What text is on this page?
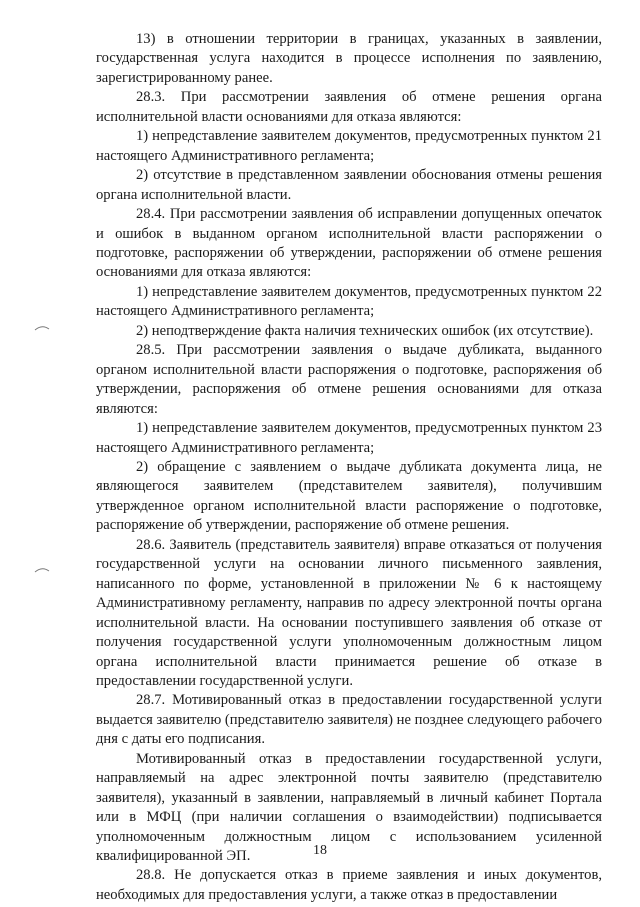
13) в отношении территории в границах, указанных в заявлении, государственная услуга находится в процессе исполнения по заявлению, зарегистрированному ранее.

28.3. При рассмотрении заявления об отмене решения органа исполнительной власти основаниями для отказа являются:

1) непредставление заявителем документов, предусмотренных пунктом 21 настоящего Административного регламента;

2) отсутствие в представленном заявлении обоснования отмены решения органа исполнительной власти.

28.4. При рассмотрении заявления об исправлении допущенных опечаток и ошибок в выданном органом исполнительной власти распоряжении о подготовке, распоряжении об утверждении, распоряжении об отмене решения основаниями для отказа являются:

1) непредставление заявителем документов, предусмотренных пунктом 22 настоящего Административного регламента;

2) неподтверждение факта наличия технических ошибок (их отсутствие).

28.5. При рассмотрении заявления о выдаче дубликата, выданного органом исполнительной власти распоряжения о подготовке, распоряжения об утверждении, распоряжения об отмене решения основаниями для отказа являются:

1) непредставление заявителем документов, предусмотренных пунктом 23 настоящего Административного регламента;

2) обращение с заявлением о выдаче дубликата документа лица, не являющегося заявителем (представителем заявителя), получившим утвержденное органом исполнительной власти распоряжение о подготовке, распоряжение об утверждении, распоряжение об отмене решения.

28.6. Заявитель (представитель заявителя) вправе отказаться от получения государственной услуги на основании личного письменного заявления, написанного по форме, установленной в приложении № 6 к настоящему Административному регламенту, направив по адресу электронной почты органа исполнительной власти. На основании поступившего заявления об отказе от получения государственной услуги уполномоченным должностным лицом органа исполнительной власти принимается решение об отказе в предоставлении государственной услуги.

28.7. Мотивированный отказ в предоставлении государственной услуги выдается заявителю (представителю заявителя) не позднее следующего рабочего дня с даты его подписания.

Мотивированный отказ в предоставлении государственной услуги, направляемый на адрес электронной почты заявителю (представителю заявителя), указанный в заявлении, направляемый в личный кабинет Портала или в МФЦ (при наличии соглашения о взаимодействии) подписывается уполномоченным должностным лицом с использованием усиленной квалифицированной ЭП.

28.8. Не допускается отказ в приеме заявления и иных документов, необходимых для предоставления услуги, а также отказ в предоставлении

18
